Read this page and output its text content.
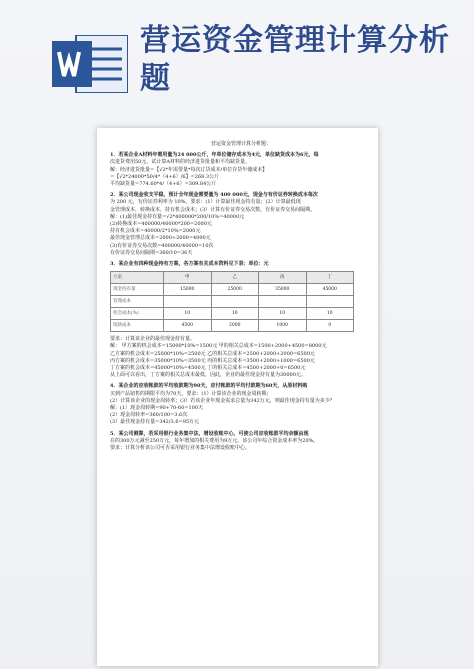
营运资金管理计算分析题

营运资金管理计算分析题：

1．若某企业A材料年需用量为24 000公斤，年单位储存成本为4元，单位缺货成本为6元，每

次进货费用50元，试计算A材料的经济进货批量和平均缺货量。

解：经济进货批量=【√2*年需要量*每次订货成本/单位存货年储成本】

=【√2*24000*50/4*（4+6）/6】=268.3公斤

平均缺货量=774.60*4/（4+6）=309.84公斤

2．某公司现金收支平稳，预计全年现金需要量为 400 000元，现金与有价证券转换成本每次

为 200 元，有价证券利率为 10%。要求：(1）计算最佳现金持有量；(2）计算最低现

金管理成本，转换成本，持有机会成本；(3）计算有价证券交易次数，有价证券交易间隔期。

解：(1)最佳现金持有量=√2*400000*200/10%=40000元

(2)转换成本=400000/40000*200=2000元

持有机会成本=40000/2*10%=2000元

最佳现金管理总成本=2000+2000=4000元

(3)有价证券交易次数=400000/40000=10次

有价证券交易间隔期=360/10=36天

3．某企业有四种现金持有方案，各方案有关成本资料见下表：单位：元

方案	甲	乙	丙	丁
现金持有量	15000	25000	35000	45000
管理成本				
机会成本(%)	10	10	10	10
短缺成本	4500	2000	1000	0

要求：计算该企业的最佳现金持有量。

解： 甲方案的机会成本=15000*10%=1500元 甲的相关总成本=1500+2000+4500=8000元

乙方案的机会成本=25000*10%=2500元 乙的相关总成本=2500+2000+2000=6500元

丙方案的机会成本=35000*10%=3500元 丙的相关总成本=3500+2000+1000=6500元

丁方案的机会成本=45000*10%=4500元 丁的相关总成本=4500+2000+0=6500元

从上面可以看出，丁方案的相关总成本最低，因此，企业的最佳现金持有量为30000元。

4．某企业的应收帐款的平均收款期为90天，应付帐款的平均付款期为60天，从原材料购

买到产品销售的期限平均为70天。要求：(1）计算该企业的现金周转期；

(2）计算该企业的现金周转率；(3）若该企业年现金需求总量为342万元，则最佳现金持有量为多少？

解：(1）现金周转期=90+70-60=100天

(2）现金周转率=360/100=3.6次

(3）最佳现金持有量=342/3.6=95万元

5．某公司测算，若采用银行业务集中法，增设收账中心，可使公司应收账款平均余额由现

在的300万元减至250万元，每年增加的相关费用为9万元，该公司年综合资金成本率为20%。

要求：计算分析该公司可否采用银行业务集中法增设收账中心。
